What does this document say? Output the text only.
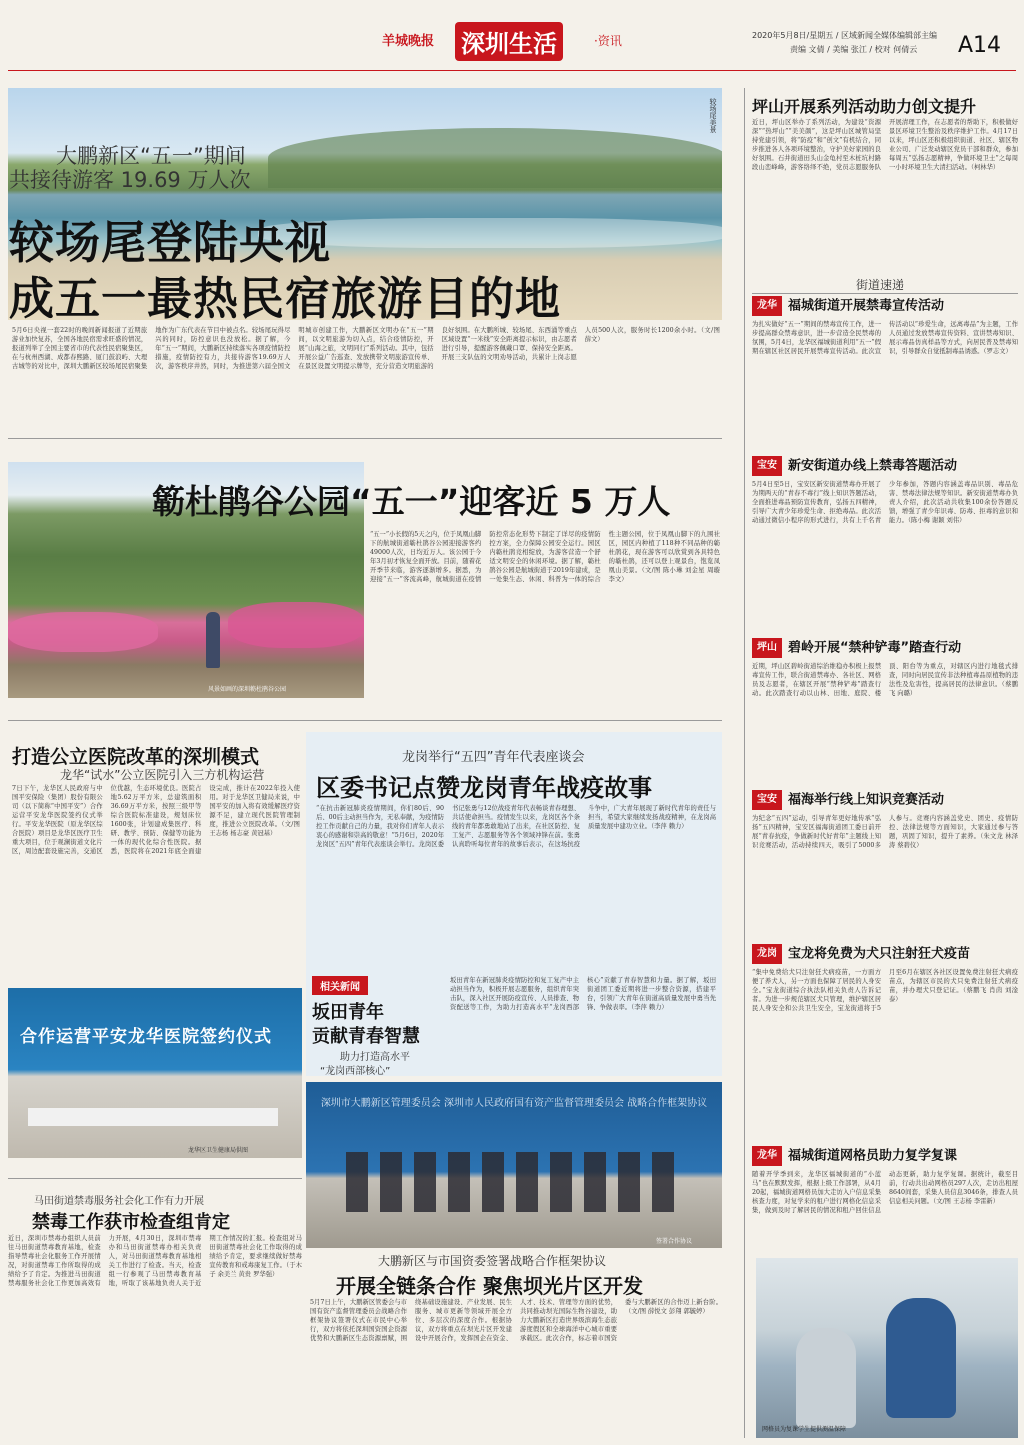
羊城晚报 深圳生活	·资讯	2020年5月8日/星期五 / 区域新闻全媒体编辑部主编
责编 文倩 / 美编 张江 / 校对 何倩云 A14
较场尾美景
大鹏新区“五一”期间
共接待游客 19.69 万人次
较场尾登陆央视
成五一最热民宿旅游目的地
5月6日央视一套22时的晚间新闻报道了近期旅游业加快复苏，全国各地民宿需求旺盛的情况，报道列举了全国主要省市的代表性民宿聚集区，在与杭州西湖、成都春熙路、厦门鼓浪屿、大理古城等的对比中，深圳大鹏新区较场尾民宿聚集地作为广东代表在节目中被点名。较场尾玩得尽兴的同时，防控意识也没放松。据了解，今年“五一”期间，大鹏新区持续落实各项疫情防控措施，疫情防控有力，共接待游客19.69万人次，游客秩序井然，同时，为推进第六届全国文明城市创建工作，大鹏新区文明办在“五一”期间，以文明旅游为切入点，结合疫情防控，开展“山海之旅，文明同行”系列活动。其中，包括开展公益广告巡查、发放携带文明旅游宣传单、在景区设置文明提示牌等，充分营造文明旅游的良好氛围。在大鹏所城、较场尾、东西涌等重点区域设置“一米线”安全距离提示标识，由志愿者进行引导，提醒游客佩戴口罩、保持安全距离。开展三支队伍的文明劝导活动，共累计上岗志愿人员500人次，服务时长1200余小时。（文/图 薛文）
风景如画的深圳簕杜鹃谷公园
簕杜鹃谷公园“五一”迎客近 5 万人
“五一”小长假的5天之内，位于凤凰山脚下的航城街道簕杜鹃谷公园迎接游客约49000人次，日均近万人。该公园于今年3月初才恢复全面开放。目前，随着花开季节来临，游客逐渐增多。据悉，为迎接“五一”客流高峰，航城街道在疫情防控常态化形势下制定了详尽的疫情防控方案，全力保障公园安全运行。园区内簕杜鹃竞相绽放，为游客营造一个舒适文明安全的休闲环境。据了解，簕杜鹃谷公园是航城街道于2019年建成，是一处集生态、休闲、科普为一体的综合性主题公园，位于凤凰山脚下的九围社区，园区内种植了118种不同品种的簕杜鹃花，现在游客可以欣赏到各具特色的簕杜鹃，还可以登上观景台，饱览凤凰山美景。（文/图 陈小琳 刘金星 周璇 李文）
打造公立医院改革的深圳模式
龙华“试水”公立医院引入三方机构运营
7日下午，龙华区人民政府与中国平安保险（集团）股份有限公司（以下简称“中国平安”）合作运营平安龙华医院签约仪式举行。平安龙华医院（原龙华区综合医院）项目是龙华区医疗卫生重大项目，位于观澜街道文化片区，周边配套设施完善，交通区位优越，生态环境优良。医院占地5.62万平方米，总建筑面积36.69万平方米，按照三级甲等综合医院标准建设，规划床位1600张，计划建成集医疗、科研、教学、预防、保健等功能为一体的现代化综合性医院。据悉，医院将在2021年底全面建设完成，推计在2022年投入使用。对于龙华区卫健局来说，中国平安的加入将有效缓解医疗资源不足，建立现代医院管理制度，推进公立医院改革。（文/图 王志杨 杨志豪 黄冠基）
合作运营平安龙华医院签约仪式
龙华区卫生健康局供图
马田街道禁毒服务社会化工作有力开展
禁毒工作获市检查组肯定
近日，深圳市禁毒办组织人员前往马田街道禁毒教育基地，检查指导禁毒社会化服务工作开展情况，对街道禁毒工作所取得的成绩给予了肯定。为推进马田街道禁毒服务社会化工作更加高效有力开展，4月30日，深圳市禁毒办和马田街道禁毒办相关负责人，对马田街道禁毒教育基地相关工作进行了检查。当天，检查组一行参观了马田禁毒教育基地，听取了该基地负责人关于近期工作情况的汇报。检查组对马田街道禁毒社会化工作取得的成绩给予肯定，要求继续做好禁毒宣传教育和戒毒康复工作。（于木子 余美兰 黄贵 罗华强）
龙岗举行“五四”青年代表座谈会
区委书记点赞龙岗青年战疫故事
“在抗击新冠肺炎疫情期间，你们80后、90后、00后主动担当作为，无私奉献，为疫情防控工作贡献自己的力量，我对你们青年人表示衷心的感谢和崇高的敬意！”5月6日，2020年龙岗区“五四”青年代表座谈会举行。龙岗区委书记张勇与12位战疫青年代表畅谈青春理想、共话使命担当。疫情发生以来，龙岗区各个条线的青年都勇敢地站了出来，在社区防控、复工复产、志愿服务等各个领域冲锋在前。张勇认真聆听每位青年的故事后表示，在这场抗疫斗争中，广大青年展现了新时代青年的责任与担当，希望大家继续发扬战疫精神，在龙岗高质量发展中建功立业。（李萍 赖力）
相关新闻
坂田青年
贡献青春智慧
助力打造高水平
“龙岗西部核心”
坂田青年在新冠肺炎疫情防控和复工复产中主动担当作为，积极开展志愿服务，组织青年突击队，深入社区开展防疫宣传、人员排查、物资配送等工作，为助力打造高水平“龙岗西部核心”贡献了青春智慧和力量。据了解，坂田街道团工委近期将进一步整合资源，搭建平台，引领广大青年在街道高质量发展中勇当先锋、争做表率。（李萍 赖力）
深圳市大鹏新区管理委员会 深圳市人民政府国有资产监督管理委员会 战略合作框架协议
签署合作协议
大鹏新区与市国资委签署战略合作框架协议
开展全链条合作 聚焦坝光片区开发
5月7日上午，大鹏新区管委会与市国有资产监督管理委员会战略合作框架协议签署仪式在市民中心举行，双方将依托深圳国资国企资源优势和大鹏新区生态资源禀赋，围绕基础设施建设、产业发展、民生服务、城市更新等领域开展全方位、多层次的深度合作。根据协议，双方将重点在坝光片区开发建设中开展合作，发挥国企在资金、人才、技术、管理等方面的优势，共同推动坝光国际生物谷建设，助力大鹏新区打造世界级滨海生态旅游度假区和全球海洋中心城市重要承载区。此次合作，标志着市国资委与大鹏新区的合作迈上新台阶。（文/图 薛悦文 彭翔 郭毓婷）
坪山开展系列活动助力创文提升
近日，坪山区举办了系列活动，为建设“资源深”“热坪山”“美美颜”，这是坪山区城管局坚持党建引领，将“防疫”和“创文”有机结合，同步推进各人各项环境整治，守护美好家园的良好氛围。石井街道田头山金龟村至木桩坑村路段山峦峰峰，游客络绎不绝，党员志愿服务队开展清理工作，在志愿者的帮助下，积极做好景区环境卫生整治及秩序维护工作。4月17日以来，坪山区还积极组织街道、社区、辖区物业公司、广泛发动辖区党员干部和群众，参加每周五“弘扬志愿精神，争做环境卫士”之每周一小时环境卫生大清扫活动。（柯林华）
街道速递
龙华 福城街道开展禁毒宣传活动
为扎实做好“五一”期间的禁毒宣传工作，进一步提高群众禁毒意识，进一步营造全民禁毒的氛围，5月4日，龙华区福城街道利用“五一”假期在辖区社区居民开展禁毒宣传活动。此次宣传活动以“珍爱生命，远离毒品”为主题，工作人员通过发放禁毒宣传资料、宣讲禁毒知识、展示毒品仿真样品等方式，向居民普及禁毒知识，引导群众自觉抵制毒品诱惑。（罗志文）
宝安 新安街道办线上禁毒答题活动
5月4日至5日，宝安区新安街道禁毒办开展了为期两天的“青春不毒行”线上知识答题活动，全面推进毒品预防宣传教育，弘扬五四精神，引导广大青少年珍爱生命、拒绝毒品。此次活动通过微信小程序的形式进行，共有上千名青少年参加，答题内容涵盖毒品识别、毒品危害、禁毒法律法规等知识。新安街道禁毒办负责人介绍，此次活动共收集100余份答题反馈，增强了青少年识毒、防毒、拒毒的意识和能力。（陈小梅 谢颖 刘伟）
坪山 碧岭开展“禁种铲毒”踏查行动
近期，坪山区碧岭街道综治维稳办积极上报禁毒宣传工作，联合街道禁毒办、各社区、网格员及志愿者，在辖区开展“禁种铲毒”踏查行动。此次踏查行动以山林、田地、庭院、楼顶、阳台等为重点，对辖区内进行地毯式排查，同时向居民宣传非法种植毒品原植物的违法性及危害性，提高居民的法律意识。（蔡鹏飞 向璐）
宝安 福海举行线上知识竞赛活动
为纪念“五四”运动，引导青年更好地传承“弘扬”五四精神，宝安区福海街道团工委日前开展“青春抗疫，争做新时代好青年”主题线上知识竞赛活动，活动持续四天，吸引了5000多人参与。竞赛内容涵盖党史、团史、疫情防控、法律法规等方面知识，大家通过参与答题，巩固了知识，提升了素养。（朱文龙 林泽涛 蔡碧仪）
龙岗 宝龙将免费为犬只注射狂犬疫苗
“集中免费给犬只注射狂犬病疫苗，一方面方便了养犬人，另一方面也保障了居民的人身安全。”宝龙街道综合执法队相关负责人告诉记者。为进一步规范辖区犬只管理，维护辖区居民人身安全和公共卫生安全，宝龙街道将于5月至6月在辖区各社区设置免费注射狂犬病疫苗点，为辖区市民的犬只免费注射狂犬病疫苗，并办理犬只登记证。（蔡鹏飞 肖茵 刘淦泰）
龙华 福城街道网格员助力复学复课
随着开学季到来，龙华区福城街道的“小蓝马”也在默默发挥，根据上级工作部署，从4月20起，福城街道网格员加大走访入户信息采集核查力度，对复学来的租户进行网格化信息采集，做到及时了解居民的情况和租户回住信息动态更新，助力复学复课。据统计，截至目前，行动共出动网格员297人次，走访出租屋8640间套，采集人员信息3046条，排查人员信息相关问题。（文/图 王志杨 李雷新）
网格员为复课学生提供测温保障
